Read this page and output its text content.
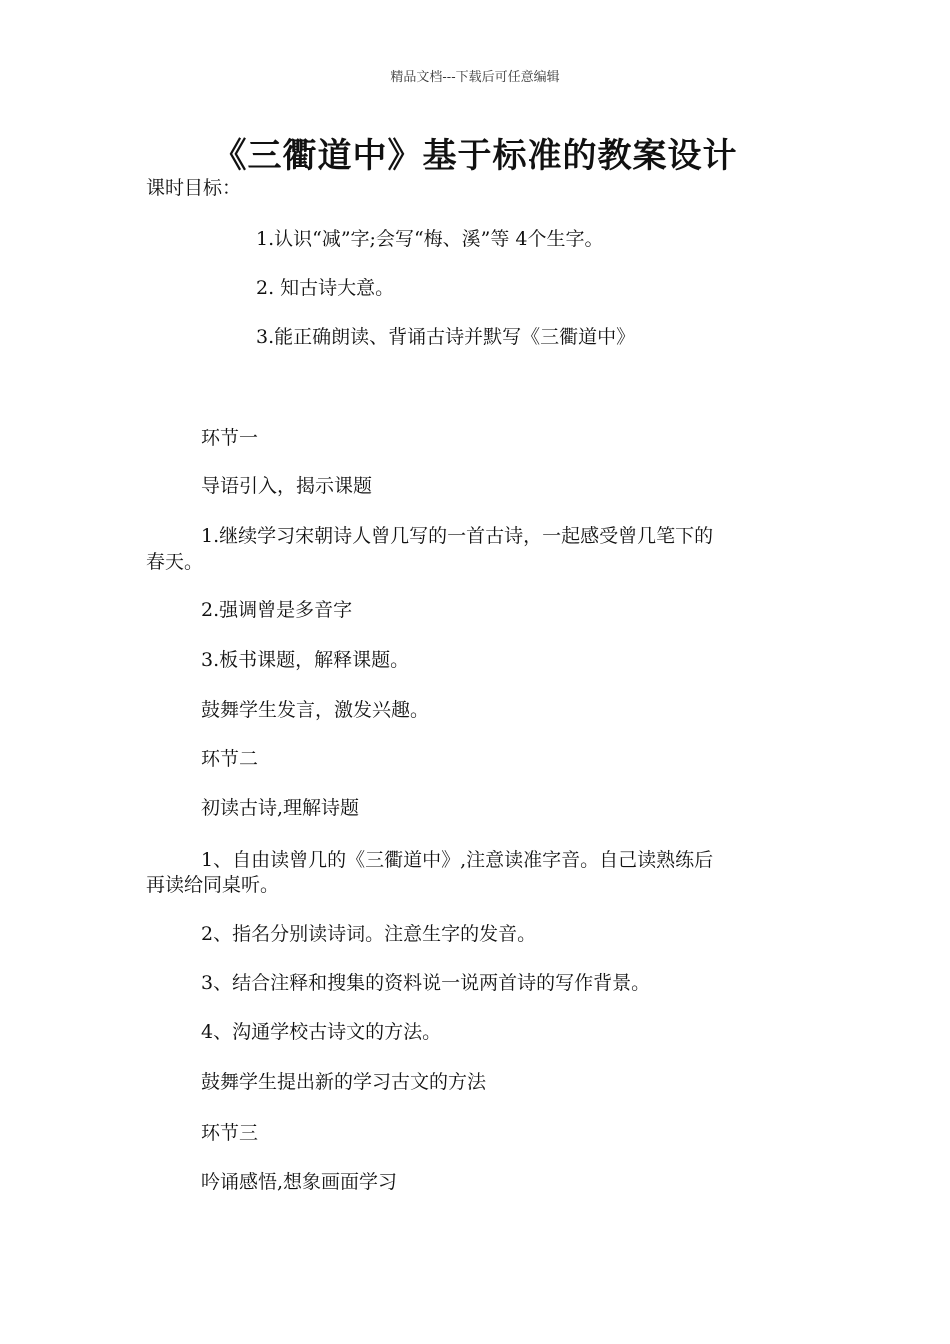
精品文档---下载后可任意编辑
《三衢道中》基于标准的教案设计
课时目标：
1.认识“减”字;会写“梅、溪”等 4个生字。
2. 知古诗大意。
3.能正确朗读、背诵古诗并默写《三衢道中》
环节一
导语引入，揭示课题
1.继续学习宋朝诗人曾几写的一首古诗，一起感受曾几笔下的
春天。
2.强调曾是多音字
3.板书课题，解释课题。
鼓舞学生发言，激发兴趣。
环节二
初读古诗,理解诗题
1、自由读曾几的《三衢道中》,注意读准字音。自己读熟练后
再读给同桌听。
2、指名分别读诗词。注意生字的发音。
3、结合注释和搜集的资料说一说两首诗的写作背景。
4、沟通学校古诗文的方法。
鼓舞学生提出新的学习古文的方法
环节三
吟诵感悟,想象画面学习
